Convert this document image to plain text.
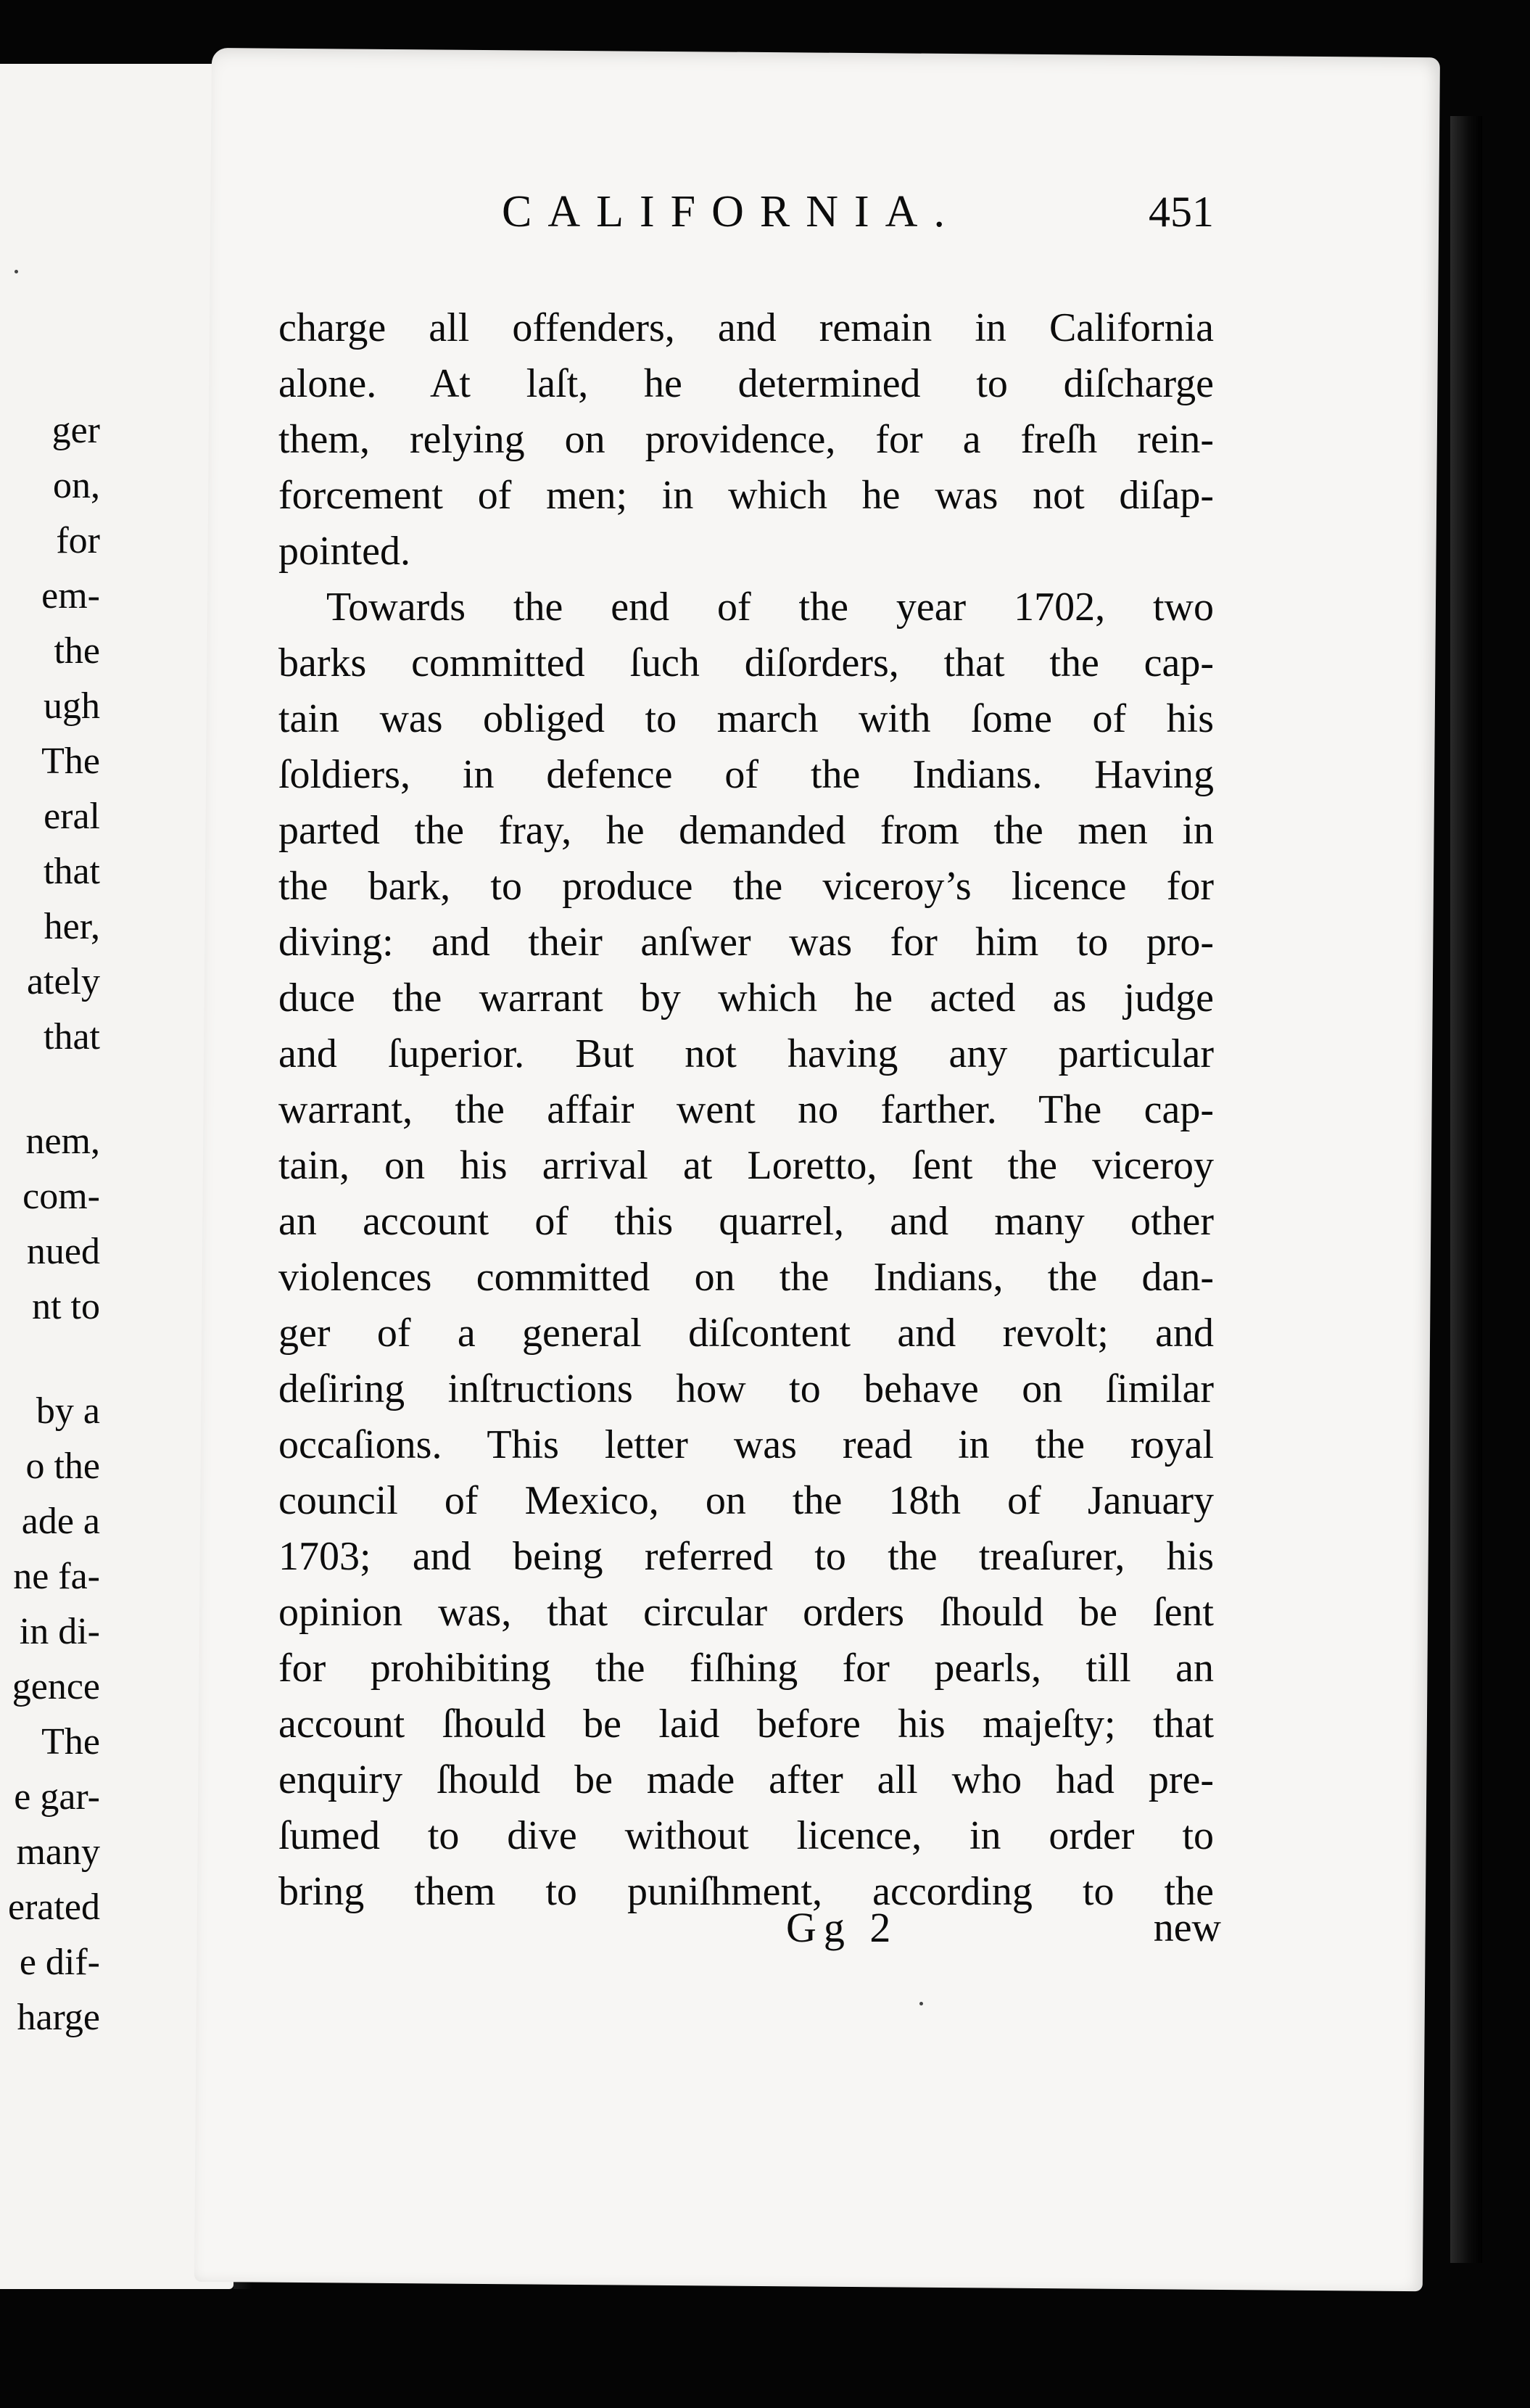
ger
on,
for
em-
the
ugh
The
eral
that
her,
ately
that
nem,
com-
nued
nt to
by a
o the
ade a
ne fa-
in di-
gence
The
e gar-
many
erated
e dif-
harge
CALIFORNIA.	451
charge all offenders, and remain in California
alone. At laſt, he determined to diſcharge
them, relying on providence, for a freſh rein-
forcement of men; in which he was not diſap-
pointed.
Towards the end of the year 1702, two
barks committed ſuch diſorders, that the cap-
tain was obliged to march with ſome of his
ſoldiers, in defence of the Indians. Having
parted the fray, he demanded from the men in
the bark, to produce the viceroy’s licence for
diving: and their anſwer was for him to pro-
duce the warrant by which he acted as judge
and ſuperior. But not having any particular
warrant, the affair went no farther. The cap-
tain, on his arrival at Loretto, ſent the viceroy
an account of this quarrel, and many other
violences committed on the Indians, the dan-
ger of a general diſcontent and revolt; and
deſiring inſtructions how to behave on ſimilar
occaſions. This letter was read in the royal
council of Mexico, on the 18th of January
1703; and being referred to the treaſurer, his
opinion was, that circular orders ſhould be ſent
for prohibiting the fiſhing for pearls, till an
account ſhould be laid before his majeſty; that
enquiry ſhould be made after all who had pre-
ſumed to dive without licence, in order to
bring them to puniſhment, according to the
Gg 2	new
